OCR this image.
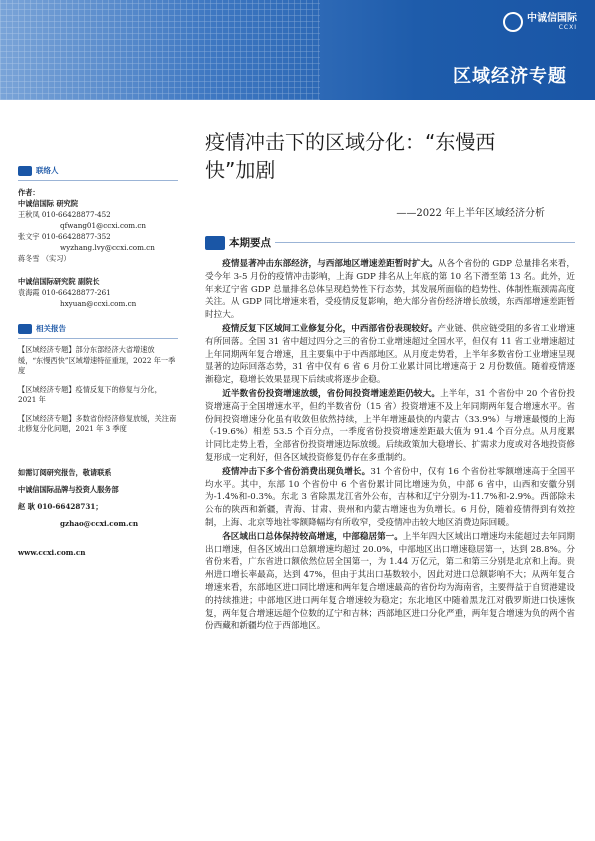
中诚信国际
CCXI
区域经济专题
疫情冲击下的区域分化：“东慢西快”加剧
——2022 年上半年区域经济分析
联络人
作者：
中诚信国际 研究院
王秋凤 010-66428877-452
qfwang01@ccxi.com.cn
张文宇 010-66428877-352
wyzhang.lvy@ccxi.com.cn
蒋冬雪 （实习）
中诚信国际研究院 副院长
袁海霞 010-66428877-261
hxyuan@ccxi.com.cn
相关报告
【区域经济专题】部分东部经济大省增速放缓，“东慢西快”区域增速特征重现，2022 年一季度
【区域经济专题】疫情反复下的修复与分化，2021 年
【区域经济专题】多数省份经济修复放缓，关注南北修复分化问题，2021 年 3 季度
如需订阅研究报告，敬请联系
中诚信国际品牌与投资人服务部
赵 耿 010-66428731；
gzhao@ccxi.com.cn
www.ccxi.com.cn
本期要点

疫情显著冲击东部经济，与西部地区增速差距暂时扩大。从各个省份的 GDP 总量排名来看，受今年 3-5 月份的疫情冲击影响，上海 GDP 排名从上年底的第 10 名下滑至第 13 名。此外，近年来辽宁省 GDP 总量排名总体呈现趋势性下行态势，其发展所面临的趋势性、体制性瓶颈需高度关注。从 GDP 同比增速来看，受疫情反复影响，绝大部分省份经济增长放缓，东西部增速差距暂时拉大。

疫情反复下区域间工业修复分化，中西部省份表现较好。产业链、供应链受阻的多省工业增速有所回落。全国 31 省中超过四分之三的省份工业增速超过全国水平，但仅有 11 省工业增速超过上年同期两年复合增速，且主要集中于中西部地区。从月度走势看，上半年多数省份工业增速呈现显著的边际回落态势，31 省中仅有 6 省 6 月份工业累计同比增速高于 2 月份数值。随着疫情逐渐稳定，稳增长效果显现下后续或将逐步企稳。

近半数省份投资增速放缓，省份间投资增速差距仍较大。上半年，31 个省份中 20 个省份投资增速高于全国增速水平，但约半数省份（15 省）投资增速不及上年同期两年复合增速水平。省份间投资增速分化虽有收敛但依然持续，上半年增速最快的内蒙古（33.9%）与增速最慢的上海（-19.6%）相差 53.5 个百分点，一季度省份投资增速差距最大值为 91.4 个百分点。从月度累计同比走势上看，全部省份投资增速边际放缓。后续政策加大稳增长、扩需求力度或对各地投资修复形成一定利好，但各区域投资修复仍存在多重制约。

疫情冲击下多个省份消费出现负增长。31 个省份中，仅有 16 个省份社零额增速高于全国平均水平。其中，东部 10 个省份中 6 个省份累计同比增速为负，中部 6 省中，山西和安徽分别为-1.4%和-0.3%。东北 3 省除黑龙江省外公布，吉林和辽宁分别为-11.7%和-2.9%。西部除未公布的陕西和新疆，青海、甘肃、贵州和内蒙古增速也为负增长。6 月份，随着疫情得到有效控制，上海、北京等地社零额降幅均有所收窄，受疫情冲击较大地区消费边际回暖。

各区域出口总体保持较高增速，中部稳居第一。上半年四大区域出口增速均未能超过去年同期出口增速，但各区域出口总额增速均超过 20.0%，中部地区出口增速稳居第一，达到 28.8%。分省份来看，广东省进口额依然位居全国第一，为 1.44 万亿元，第二和第三分别是北京和上海。贵州进口增长率最高，达到 47%，但由于其出口基数较小，因此对进口总额影响不大；从两年复合增速来看，东部地区进口同比增速和两年复合增速最高的省份均为海南省，主要得益于自贸港建设的持续推进；中部地区进口两年复合增速较为稳定；东北地区中随着黑龙江对俄罗斯进口快速恢复，两年复合增速远超个位数的辽宁和吉林；西部地区进口分化严重，两年复合增速为负的两个省份西藏和新疆均位于西部地区。
